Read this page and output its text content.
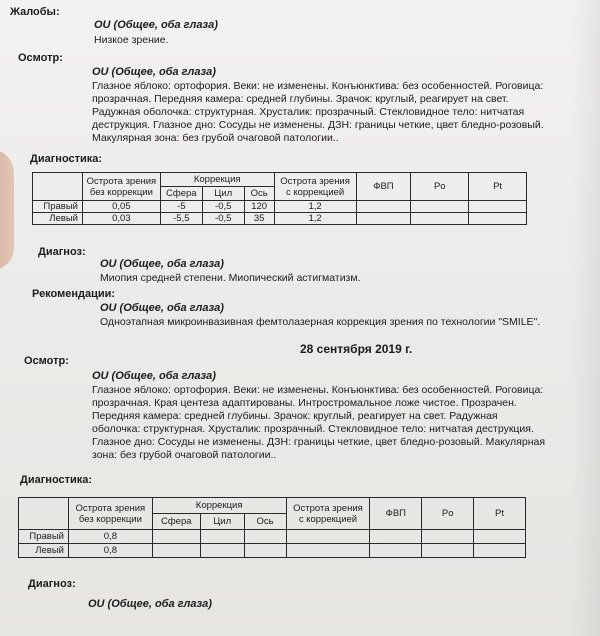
Жалобы:
OU (Общее, оба глаза)
Низкое зрение.
Осмотр:
OU (Общее, оба глаза)
Глазное яблоко: ортофория. Веки: не изменены. Конъюнктива: без особенностей. Роговица:
прозрачная. Передняя камера: средней глубины. Зрачок: круглый, реагирует на свет.
Радужная оболочка: структурная. Хрусталик: прозрачный. Стекловидное тело: нитчатая
деструкция. Глазное дно: Сосуды не изменены. ДЗН: границы четкие, цвет бледно-розовый.
Макулярная зона: без грубой очаговой патологии..
Диагностика:
	Острота зрения
без коррекции	Коррекция			Острота зрения
с коррекцией	ФВП	Po	Pt
		Сфера	Цил	Ось				
Правый	0,05	-5	-0,5	120	1,2			
Левый	0,03	-5,5	-0,5	35	1,2			
Диагноз:
OU (Общее, оба глаза)
Миопия средней степени. Миопический астигматизм.
Рекомендации:
OU (Общее, оба глаза)
Одноэтапная микроинвазивная фемтолазерная коррекция зрения по технологии "SMILE".
28 сентября 2019 г.
Осмотр:
OU (Общее, оба глаза)
Глазное яблоко: ортофория. Веки: не изменены. Конъюнктива: без особенностей. Роговица:
прозрачная. Края центеза адаптированы. Интростромальное ложе чистое. Прозрачен.
Передняя камера: средней глубины. Зрачок: круглый, реагирует на свет. Радужная
оболочка: структурная. Хрусталик: прозрачный. Стекловидное тело: нитчатая деструкция.
Глазное дно: Сосуды не изменены. ДЗН: границы четкие, цвет бледно-розовый. Макулярная
зона: без грубой очаговой патологии..
Диагностика:
	Острота зрения
без коррекции	Коррекция			Острота зрения
с коррекцией	ФВП	Po	Pt
		Сфера	Цил	Ось				
Правый	0,8							
Левый	0,8							
Диагноз:
OU (Общее, оба глаза)
